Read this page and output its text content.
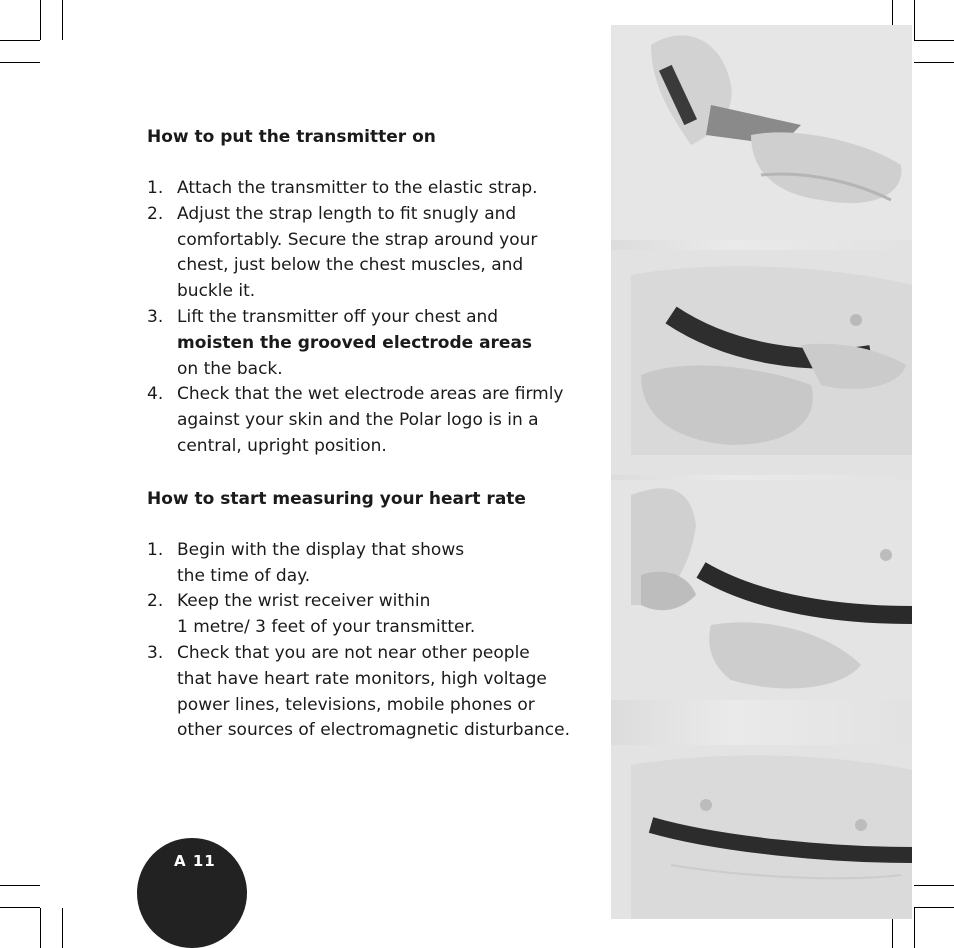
How to put the transmitter on
1. Attach the transmitter to the elastic strap.
2. Adjust the strap length to fit snugly and
comfortably. Secure the strap around your
chest, just below the chest muscles, and
buckle it.
3. Lift the transmitter off your chest and
moisten the grooved electrode areas
on the back.
4. Check that the wet electrode areas are firmly
against your skin and the Polar logo is in a
central, upright position.
How to start measuring your heart rate
1. Begin with the display that shows
the time of day.
2. Keep the wrist receiver within
1 metre/ 3 feet of your transmitter.
3. Check that you are not near other people
that have heart rate monitors, high voltage
power lines, televisions, mobile phones or
other sources of electromagnetic disturbance.
A 11
